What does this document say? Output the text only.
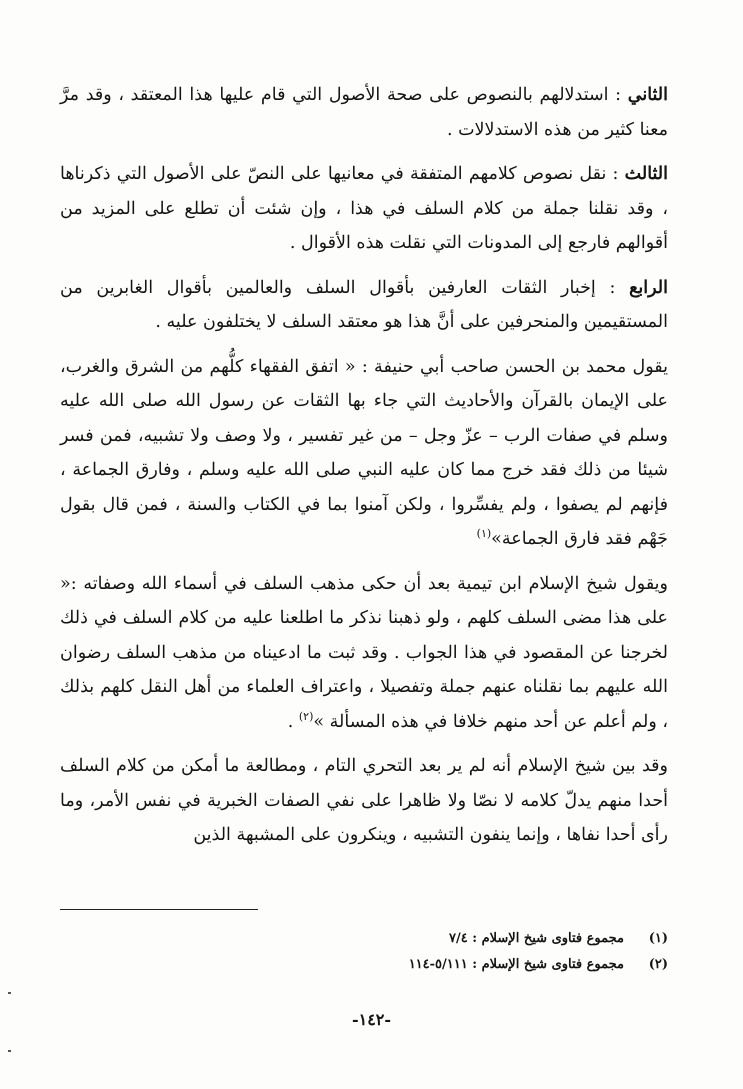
الثاني : استدلالهم بالنصوص على صحة الأصول التي قام عليها هذا المعتقد ، وقد مرَّ معنا كثير من هذه الاستدلالات .

الثالث : نقل نصوص كلامهم المتفقة في معانيها على النصّ على الأصول التي ذكرناها ، وقد نقلنا جملة من كلام السلف في هذا ، وإن شئت أن تطلع على المزيد من أقوالهم فارجع إلى المدونات التي نقلت هذه الأقوال .

الرابع : إخبار الثقات العارفين بأقوال السلف والعالمين بأقوال الغابرين من المستقيمين والمنحرفين على أنَّ هذا هو معتقد السلف لا يختلفون عليه .

يقول محمد بن الحسن صاحب أبي حنيفة : « اتفق الفقهاء كلُّهم من الشرق والغرب، على الإيمان بالقرآن والأحاديث التي جاء بها الثقات عن رسول الله صلى الله عليه وسلم في صفات الرب – عزّ وجل – من غير تفسير ، ولا وصف ولا تشبيه، فمن فسر شيئا من ذلك فقد خرج مما كان عليه النبي صلى الله عليه وسلم ، وفارق الجماعة ، فإنهم لم يصفوا ، ولم يفسِّروا ، ولكن آمنوا بما في الكتاب والسنة ، فمن قال بقول جَهْم فقد فارق الجماعة»$^{(١)}$

ويقول شيخ الإسلام ابن تيمية بعد أن حكى مذهب السلف في أسماء الله وصفاته :« على هذا مضى السلف كلهم ، ولو ذهبنا نذكر ما اطلعنا عليه من كلام السلف في ذلك لخرجنا عن المقصود في هذا الجواب . وقد ثبت ما ادعيناه من مذهب السلف رضوان الله عليهم بما نقلناه عنهم جملة وتفصيلا ، واعتراف العلماء من أهل النقل كلهم بذلك ، ولم أعلم عن أحد منهم خلافا في هذه المسألة »$^{(٢)}$ .

وقد بين شيخ الإسلام أنه لم ير بعد التحري التام ، ومطالعة ما أمكن من كلام السلف أحدا منهم يدلّ كلامه لا نصّا ولا ظاهرا على نفي الصفات الخبرية في نفس الأمر، وما رأى أحدا نفاها ، وإنما ينفون التشبيه ، وينكرون على المشبهة الذين

(١)مجموع فتاوى شيخ الإسلام : ٧/٤
(٢)مجموع فتاوى شيخ الإسلام : ٥/١١١-١١٤
-١٤٢-
